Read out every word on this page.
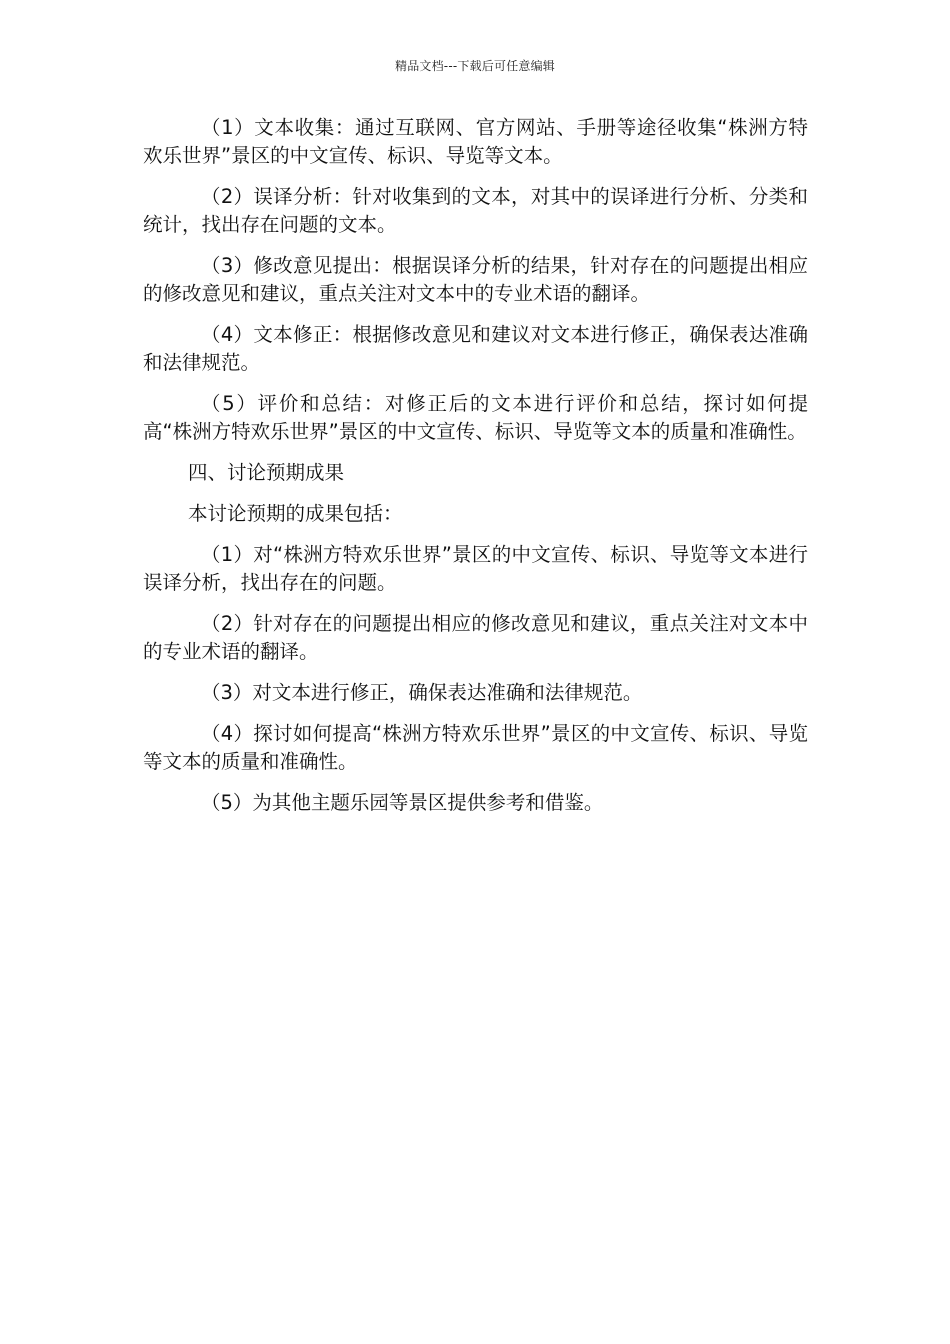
精品文档---下载后可任意编辑

（1）文本收集：通过互联网、官方网站、手册等途径收集“株洲方特欢乐世界”景区的中文宣传、标识、导览等文本。

（2）误译分析：针对收集到的文本，对其中的误译进行分析、分类和统计，找出存在问题的文本。

（3）修改意见提出：根据误译分析的结果，针对存在的问题提出相应的修改意见和建议，重点关注对文本中的专业术语的翻译。

（4）文本修正：根据修改意见和建议对文本进行修正，确保表达准确和法律规范。

（5）评价和总结：对修正后的文本进行评价和总结，探讨如何提高“株洲方特欢乐世界”景区的中文宣传、标识、导览等文本的质量和准确性。

四、讨论预期成果

本讨论预期的成果包括：

（1）对“株洲方特欢乐世界”景区的中文宣传、标识、导览等文本进行误译分析，找出存在的问题。

（2）针对存在的问题提出相应的修改意见和建议，重点关注对文本中的专业术语的翻译。

（3）对文本进行修正，确保表达准确和法律规范。

（4）探讨如何提高“株洲方特欢乐世界”景区的中文宣传、标识、导览等文本的质量和准确性。

（5）为其他主题乐园等景区提供参考和借鉴。
